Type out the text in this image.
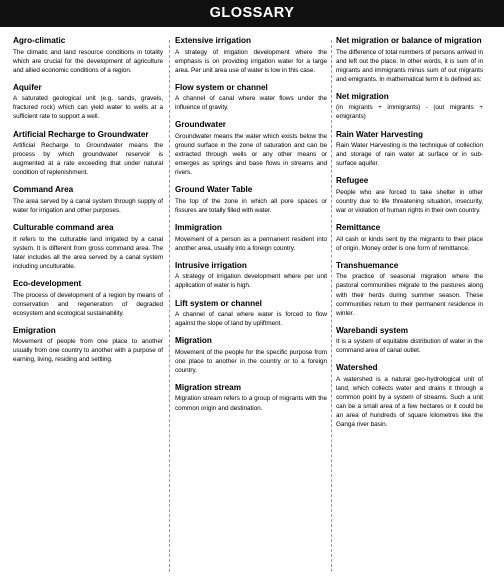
GLOSSARY
Agro-climatic
The climatic and land resource conditions in totality which are crucial for the development of agriculture and allied economic conditions of a region.
Aquifer
A saturated geological unit (e.g. sands, gravels, fractured rock) which can yield water to wells at a sufficient rate to support a well.
Artificial Recharge to Groundwater
Artificial Recharge to Groundwater means the process by which groundwater reservoir is augmented at a rate exceeding that under natural condition of replenishment.
Command Area
The area served by a canal system through supply of water for irrigation and other purposes.
Culturable command area
It refers to the culturable land irrigated by a canal system. It is different from gross command area. The later includes all the area served by a canal system including unculturable.
Eco-development
The process of development of a region by means of conservation and regeneration of degraded ecosystem and ecological sustainability.
Emigration
Movement of people from one place to another usually from one country to another with a purpose of earning, living, residing and settling.
Extensive irrigation
A strategy of irrigation development where the emphasis is on providing irrigation water for a large area. Per unit area use of water is low in this case.
Flow system or channel
A channel of canal where water flows under the influence of gravity.
Groundwater
Groundwater means the water which exists below the ground surface in the zone of saturation and can be extracted through wells or any other means or emerges as springs and base flows in streams and rivers.
Ground Water Table
The top of the zone in which all pore spaces or fissures are totally filled with water.
Immigration
Movement of a person as a permanent resident into another area, usually into a foreign country.
Intrusive irrigation
A strategy of irrigation development where per unit application of water is high.
Lift system or channel
A channel of canal where water is forced to flow against the slope of land by upliftment.
Migration
Movement of the people for the specific purpose from one place to another in the country or to a foreign country.
Migration stream
Migration stream refers to a group of migrants with the common origin and destination.
Net migration or balance of migration
The difference of total numbers of persons arrived in and left out the place. In other words, it is sum of in migrants and immigrants minus sum of out migrants and emigrants. In mathematical term it is defined as:
Net migration
(in migrants + immigrants) - (out migrants + emigrants)
Rain Water Harvesting
Rain Water Harvesting is the technique of collection and storage of rain water at surface or in sub-surface aquifer.
Refugee
People who are forced to take shelter in other country due to life threatening situation, insecurity, war or violation of human rights in their own country.
Remittance
All cash or kinds sent by the migrants to their place of origin. Money order is one form of remittance.
Transhuemance
The practice of seasonal migration where the pastoral communities migrate to the pastures along with their herds during summer season. These communities return to their permanent residence in winter.
Warebandi system
It is a system of equitable distribution of water in the command area of canal outlet.
Watershed
A watershed is a natural geo-hydrological unit of land, which collects water and drains it through a common point by a system of streams. Such a unit can be a small area of a few hectares or it could be an area of hundreds of square kilometres like the Ganga river basin.
